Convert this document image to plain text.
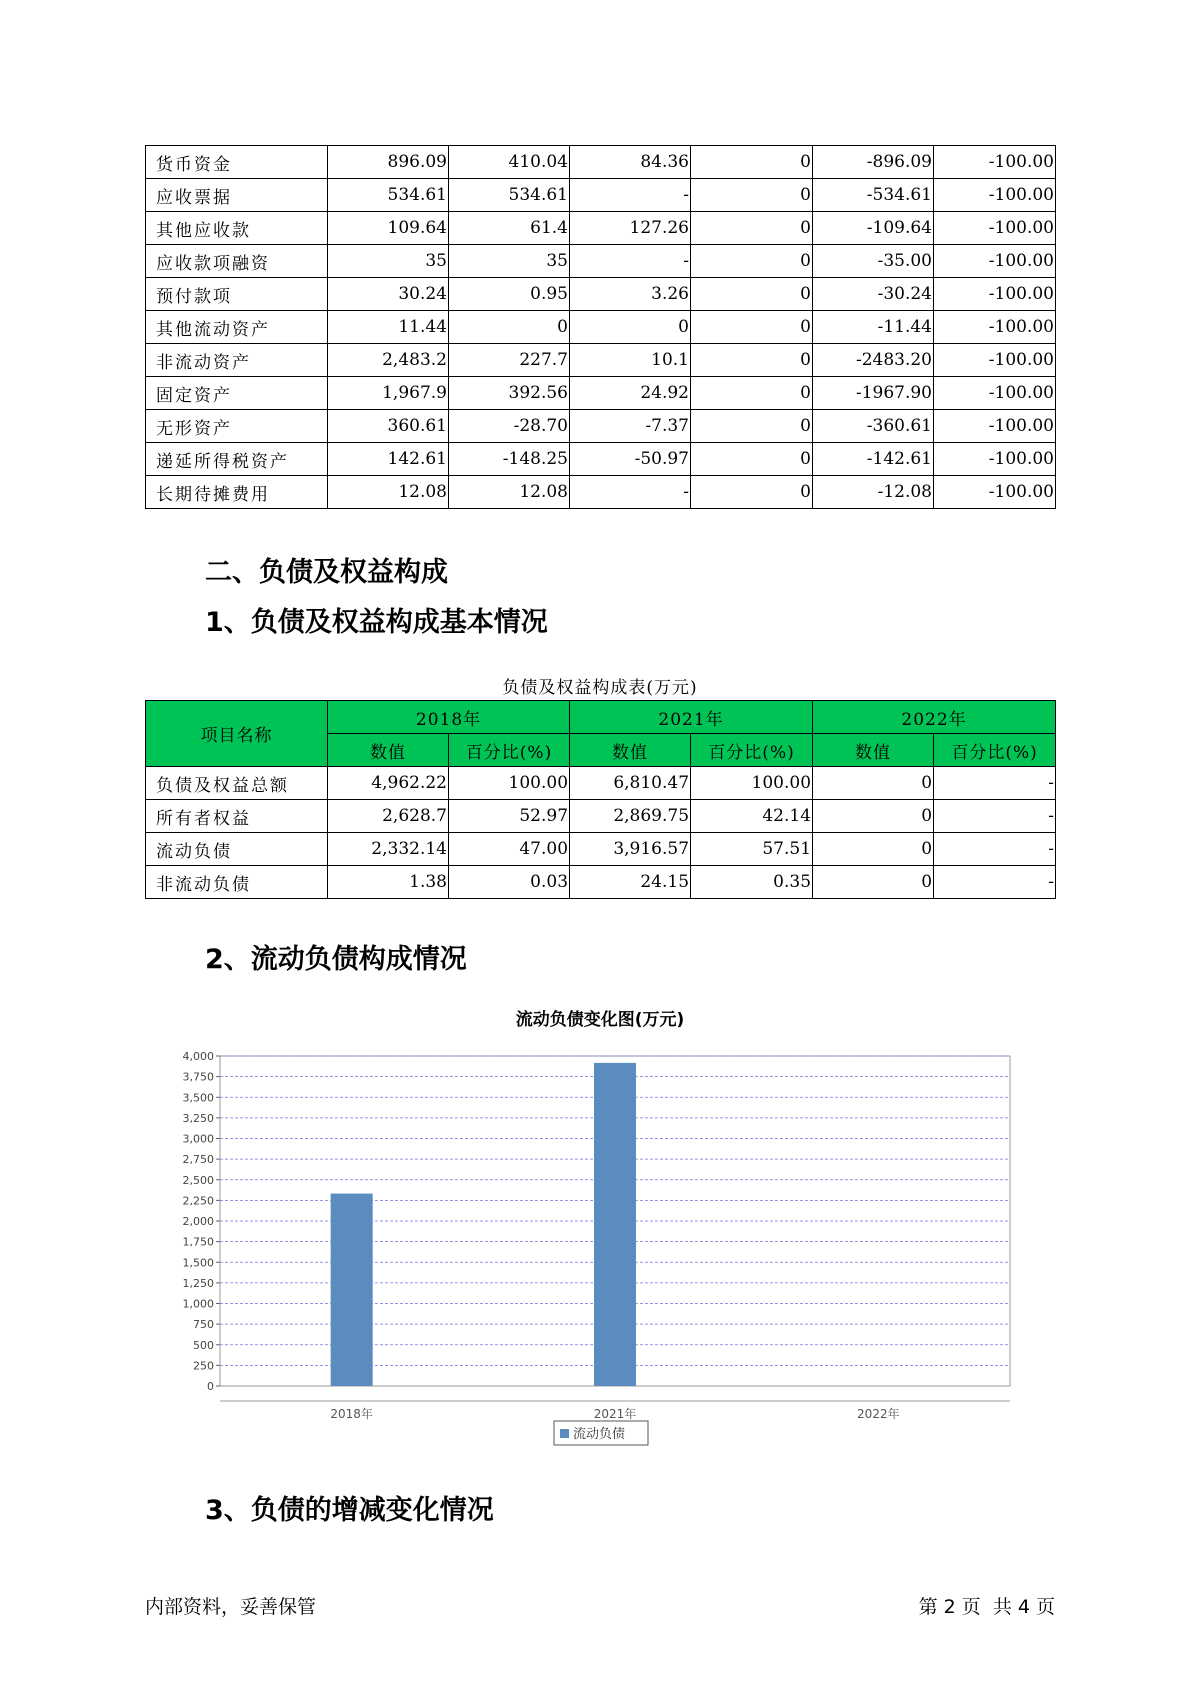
货币资金	896.09	410.04	84.36	0	-896.09	-100.00
应收票据	534.61	534.61	-	0	-534.61	-100.00
其他应收款	109.64	61.4	127.26	0	-109.64	-100.00
应收款项融资	35	35	-	0	-35.00	-100.00
预付款项	30.24	0.95	3.26	0	-30.24	-100.00
其他流动资产	11.44	0	0	0	-11.44	-100.00
非流动资产	2,483.2	227.7	10.1	0	-2483.20	-100.00
固定资产	1,967.9	392.56	24.92	0	-1967.90	-100.00
无形资产	360.61	-28.70	-7.37	0	-360.61	-100.00
递延所得税资产	142.61	-148.25	-50.97	0	-142.61	-100.00
长期待摊费用	12.08	12.08	-	0	-12.08	-100.00
二、负债及权益构成
1、负债及权益构成基本情况
负债及权益构成表(万元)
项目名称	2018年		2021年		2022年	
	数值	百分比(%)	数值	百分比(%)	数值	百分比(%)
负债及权益总额	4,962.22	100.00	6,810.47	100.00	0	-
所有者权益	2,628.7	52.97	2,869.75	42.14	0	-
流动负债	2,332.14	47.00	3,916.57	57.51	0	-
非流动负债	1.38	0.03	24.15	0.35	0	-
2、流动负债构成情况
流动负债变化图(万元)
0
250
500
750
1,000
1,250
1,500
1,750
2,000
2,250
2,500
2,750
3,000
3,250
3,500
3,750
4,000
2018年	2021年	2022年
流动负债
3、负债的增减变化情况
内部资料，妥善保管	第 2 页  共 4 页
